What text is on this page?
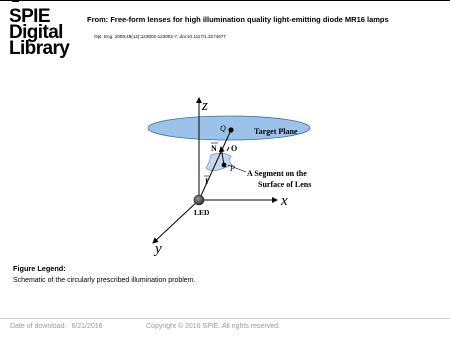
SPIE
Digital
Library
From: Free-form lenses for high illumination quality light-emitting diode MR16 lamps
Opt. Eng. 2009;48(12):123002-123002-7. doi:10.1117/1.3274677
z
x
y
Q
O
P
N
I
Target Plane
A Segment on the
Surface of Lens
LED
Figure Legend:
Schematic of the circularly prescribed illumination problem.
Date of download: 6/21/2016	Copyright © 2016 SPIE. All rights reserved.
